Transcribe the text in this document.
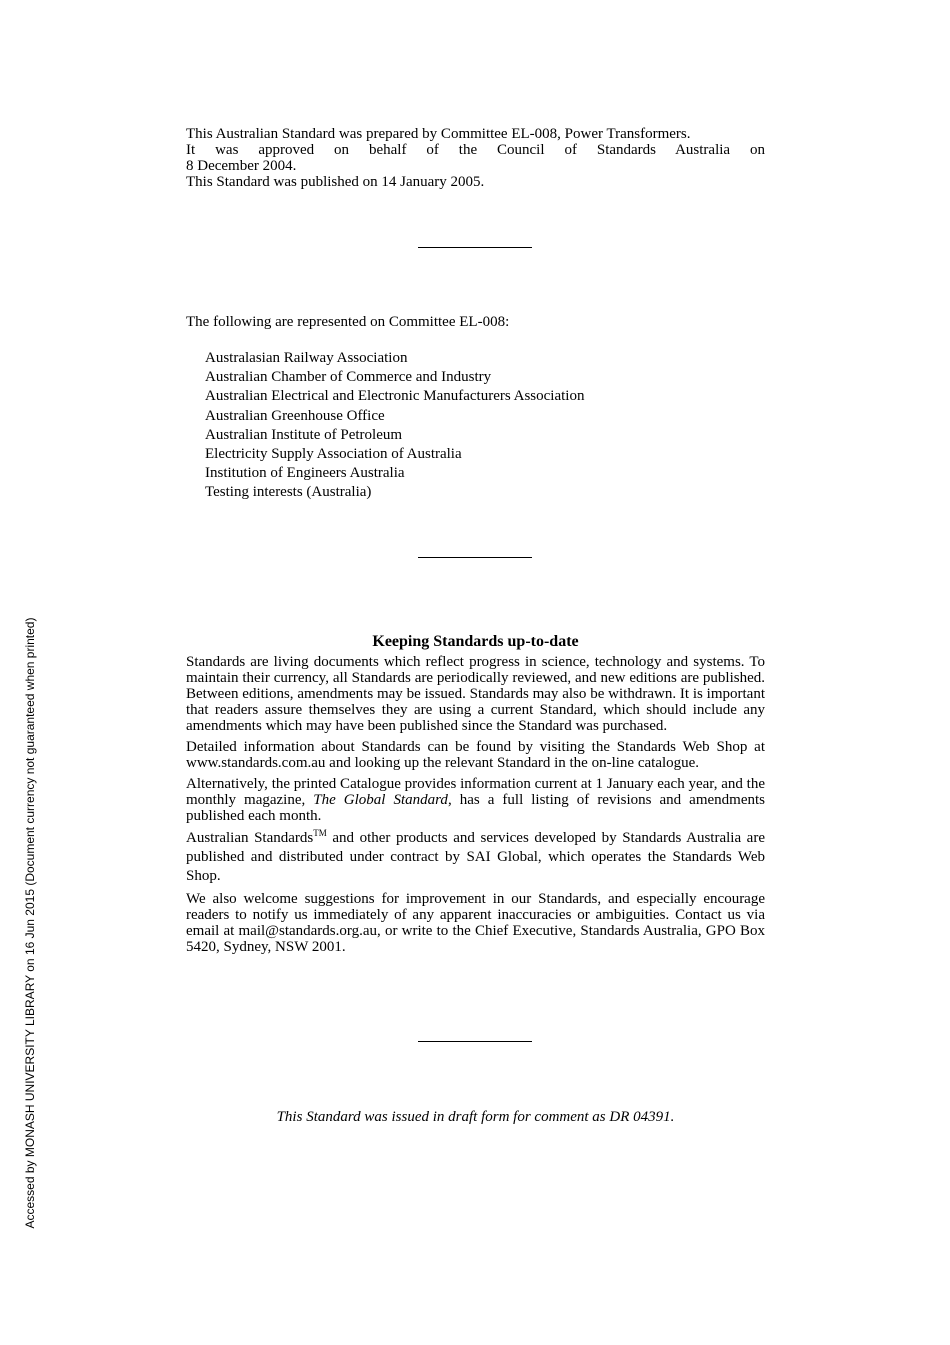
This Australian Standard was prepared by Committee EL-008, Power Transformers.
It was approved on behalf of the Council of Standards Australia on
8 December 2004.
This Standard was published on 14 January 2005.
The following are represented on Committee EL-008:
Australasian Railway Association
Australian Chamber of Commerce and Industry
Australian Electrical and Electronic Manufacturers Association
Australian Greenhouse Office
Australian Institute of Petroleum
Electricity Supply Association of Australia
Institution of Engineers Australia
Testing interests (Australia)
Keeping Standards up-to-date

Standards are living documents which reflect progress in science, technology and systems. To maintain their currency, all Standards are periodically reviewed, and new editions are published. Between editions, amendments may be issued. Standards may also be withdrawn. It is important that readers assure themselves they are using a current Standard, which should include any amendments which may have been published since the Standard was purchased.

Detailed information about Standards can be found by visiting the Standards Web Shop at www.standards.com.au and looking up the relevant Standard in the on-line catalogue.

Alternatively, the printed Catalogue provides information current at 1 January each year, and the monthly magazine, The Global Standard, has a full listing of revisions and amendments published each month.

Australian Standards™ and other products and services developed by Standards Australia are published and distributed under contract by SAI Global, which operates the Standards Web Shop.

We also welcome suggestions for improvement in our Standards, and especially encourage readers to notify us immediately of any apparent inaccuracies or ambiguities. Contact us via email at mail@standards.org.au, or write to the Chief Executive, Standards Australia, GPO Box 5420, Sydney, NSW 2001.

This Standard was issued in draft form for comment as DR 04391.
Accessed by MONASH UNIVERSITY LIBRARY on 16 Jun 2015 (Document currency not guaranteed when printed)
